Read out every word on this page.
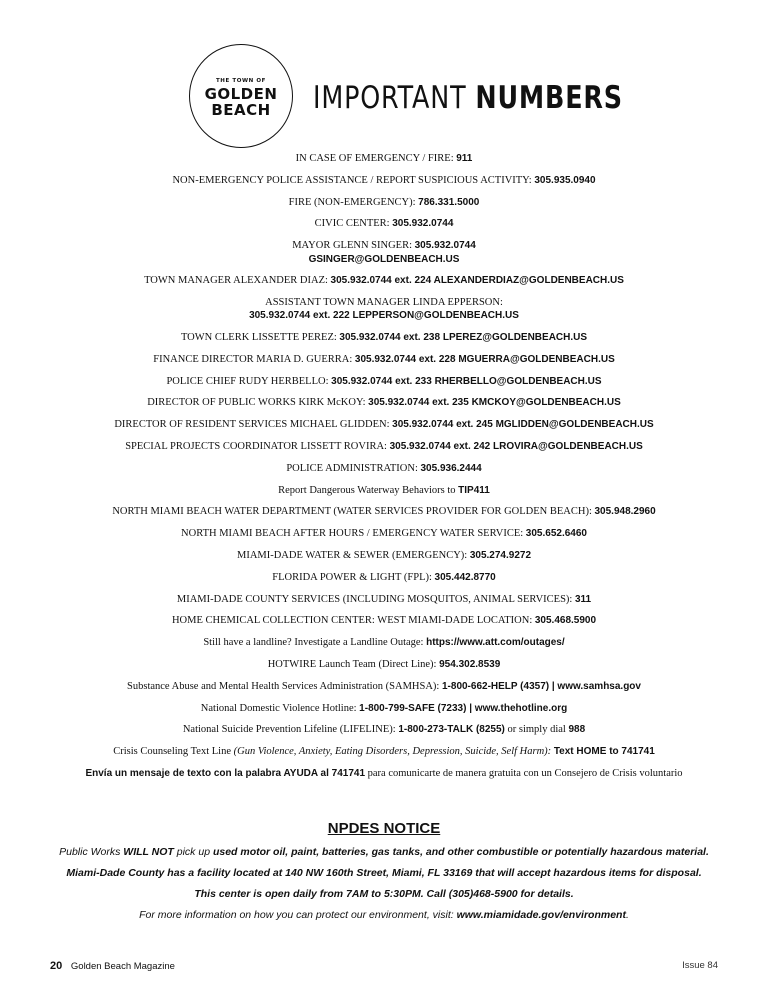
THE TOWN OF
GOLDEN
BEACH	IMPORTANT NUMBERS
IN CASE OF EMERGENCY / FIRE: 911
NON-EMERGENCY POLICE ASSISTANCE / REPORT SUSPICIOUS ACTIVITY: 305.935.0940
FIRE (NON-EMERGENCY): 786.331.5000
CIVIC CENTER: 305.932.0744
MAYOR GLENN SINGER: 305.932.0744
GSINGER@GOLDENBEACH.US
TOWN MANAGER ALEXANDER DIAZ: 305.932.0744 ext. 224 ALEXANDERDIAZ@GOLDENBEACH.US
ASSISTANT TOWN MANAGER LINDA EPPERSON:
305.932.0744 ext. 222 LEPPERSON@GOLDENBEACH.US
TOWN CLERK LISSETTE PEREZ: 305.932.0744 ext. 238 LPEREZ@GOLDENBEACH.US
FINANCE DIRECTOR MARIA D. GUERRA: 305.932.0744 ext. 228 MGUERRA@GOLDENBEACH.US
POLICE CHIEF RUDY HERBELLO: 305.932.0744 ext. 233 RHERBELLO@GOLDENBEACH.US
DIRECTOR OF PUBLIC WORKS KIRK McKOY: 305.932.0744 ext. 235 KMCKOY@GOLDENBEACH.US
DIRECTOR OF RESIDENT SERVICES MICHAEL GLIDDEN: 305.932.0744 ext. 245 MGLIDDEN@GOLDENBEACH.US
SPECIAL PROJECTS COORDINATOR LISSETT ROVIRA: 305.932.0744 ext. 242 LROVIRA@GOLDENBEACH.US
POLICE ADMINISTRATION: 305.936.2444
Report Dangerous Waterway Behaviors to TIP411
NORTH MIAMI BEACH WATER DEPARTMENT (WATER SERVICES PROVIDER FOR GOLDEN BEACH): 305.948.2960
NORTH MIAMI BEACH AFTER HOURS / EMERGENCY WATER SERVICE: 305.652.6460
MIAMI-DADE WATER & SEWER (EMERGENCY): 305.274.9272
FLORIDA POWER & LIGHT (FPL): 305.442.8770
MIAMI-DADE COUNTY SERVICES (INCLUDING MOSQUITOS, ANIMAL SERVICES): 311
HOME CHEMICAL COLLECTION CENTER: WEST MIAMI-DADE LOCATION: 305.468.5900
Still have a landline? Investigate a Landline Outage: https://www.att.com/outages/
HOTWIRE Launch Team (Direct Line): 954.302.8539
Substance Abuse and Mental Health Services Administration (SAMHSA): 1-800-662-HELP (4357) | www.samhsa.gov
National Domestic Violence Hotline: 1-800-799-SAFE (7233) | www.thehotline.org
National Suicide Prevention Lifeline (LIFELINE): 1-800-273-TALK (8255) or simply dial 988
Crisis Counseling Text Line (Gun Violence, Anxiety, Eating Disorders, Depression, Suicide, Self Harm): Text HOME to 741741
Envía un mensaje de texto con la palabra AYUDA al 741741 para comunicarte de manera gratuita con un Consejero de Crisis voluntario
NPDES NOTICE
Public Works WILL NOT pick up used motor oil, paint, batteries, gas tanks, and other combustible or potentially hazardous material.
Miami-Dade County has a facility located at 140 NW 160th Street, Miami, FL 33169 that will accept hazardous items for disposal.
This center is open daily from 7AM to 5:30PM. Call (305)468-5900 for details.
For more information on how you can protect our environment, visit: www.miamidade.gov/environment.
20 Golden Beach Magazine	Issue 84
